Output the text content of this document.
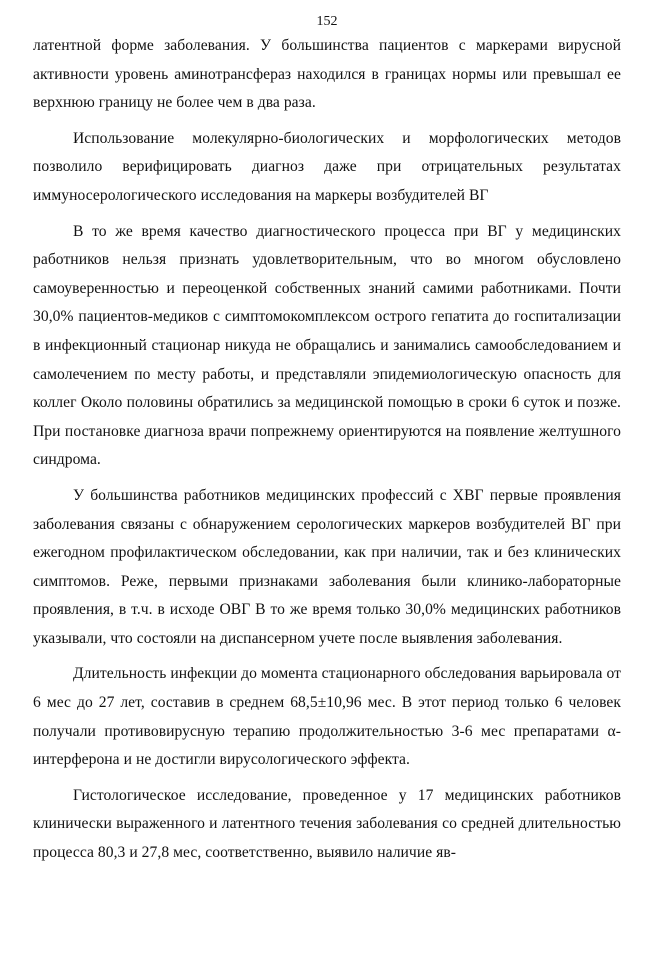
152

латентной форме заболевания. У большинства пациентов с маркерами вирусной активности уровень аминотрансфераз находился в границах нормы или превышал ее верхнюю границу не более чем в два раза.

Использование молекулярно-биологических и морфологических методов позволило верифицировать диагноз даже при отрицательных результатах иммуносерологического исследования на маркеры возбудителей ВГ

В то же время качество диагностического процесса при ВГ у медицинских работников нельзя признать удовлетворительным, что во многом обусловлено самоуверенностью и переоценкой собственных знаний самими работниками. Почти 30,0% пациентов-медиков с симптомокомплексом острого гепатита до госпитализации в инфекционный стационар никуда не обращались и занимались самообследованием и самолечением по месту работы, и представляли эпидемиологическую опасность для коллег Около половины обратились за медицинской помощью в сроки 6 суток и позже. При постановке диагноза врачи попрежнему ориентируются на появление желтушного синдрома.

У большинства работников медицинских профессий с ХВГ первые проявления заболевания связаны с обнаружением серологических маркеров возбудителей ВГ при ежегодном профилактическом обследовании, как при наличии, так и без клинических симптомов. Реже, первыми признаками заболевания были клинико-лабораторные проявления, в т.ч. в исходе ОВГ В то же время только 30,0% медицинских работников указывали, что состояли на диспансерном учете после выявления заболевания.

Длительность инфекции до момента стационарного обследования варьировала от 6 мес до 27 лет, составив в среднем 68,5±10,96 мес. В этот период только 6 человек получали противовирусную терапию продолжительностью 3-6 мес препаратами α-интерферона и не достигли вирусологического эффекта.

Гистологическое исследование, проведенное у 17 медицинских работников клинически выраженного и латентного течения заболевания со средней длительностью процесса 80,3 и 27,8 мес, соответственно, выявило наличие яв-
